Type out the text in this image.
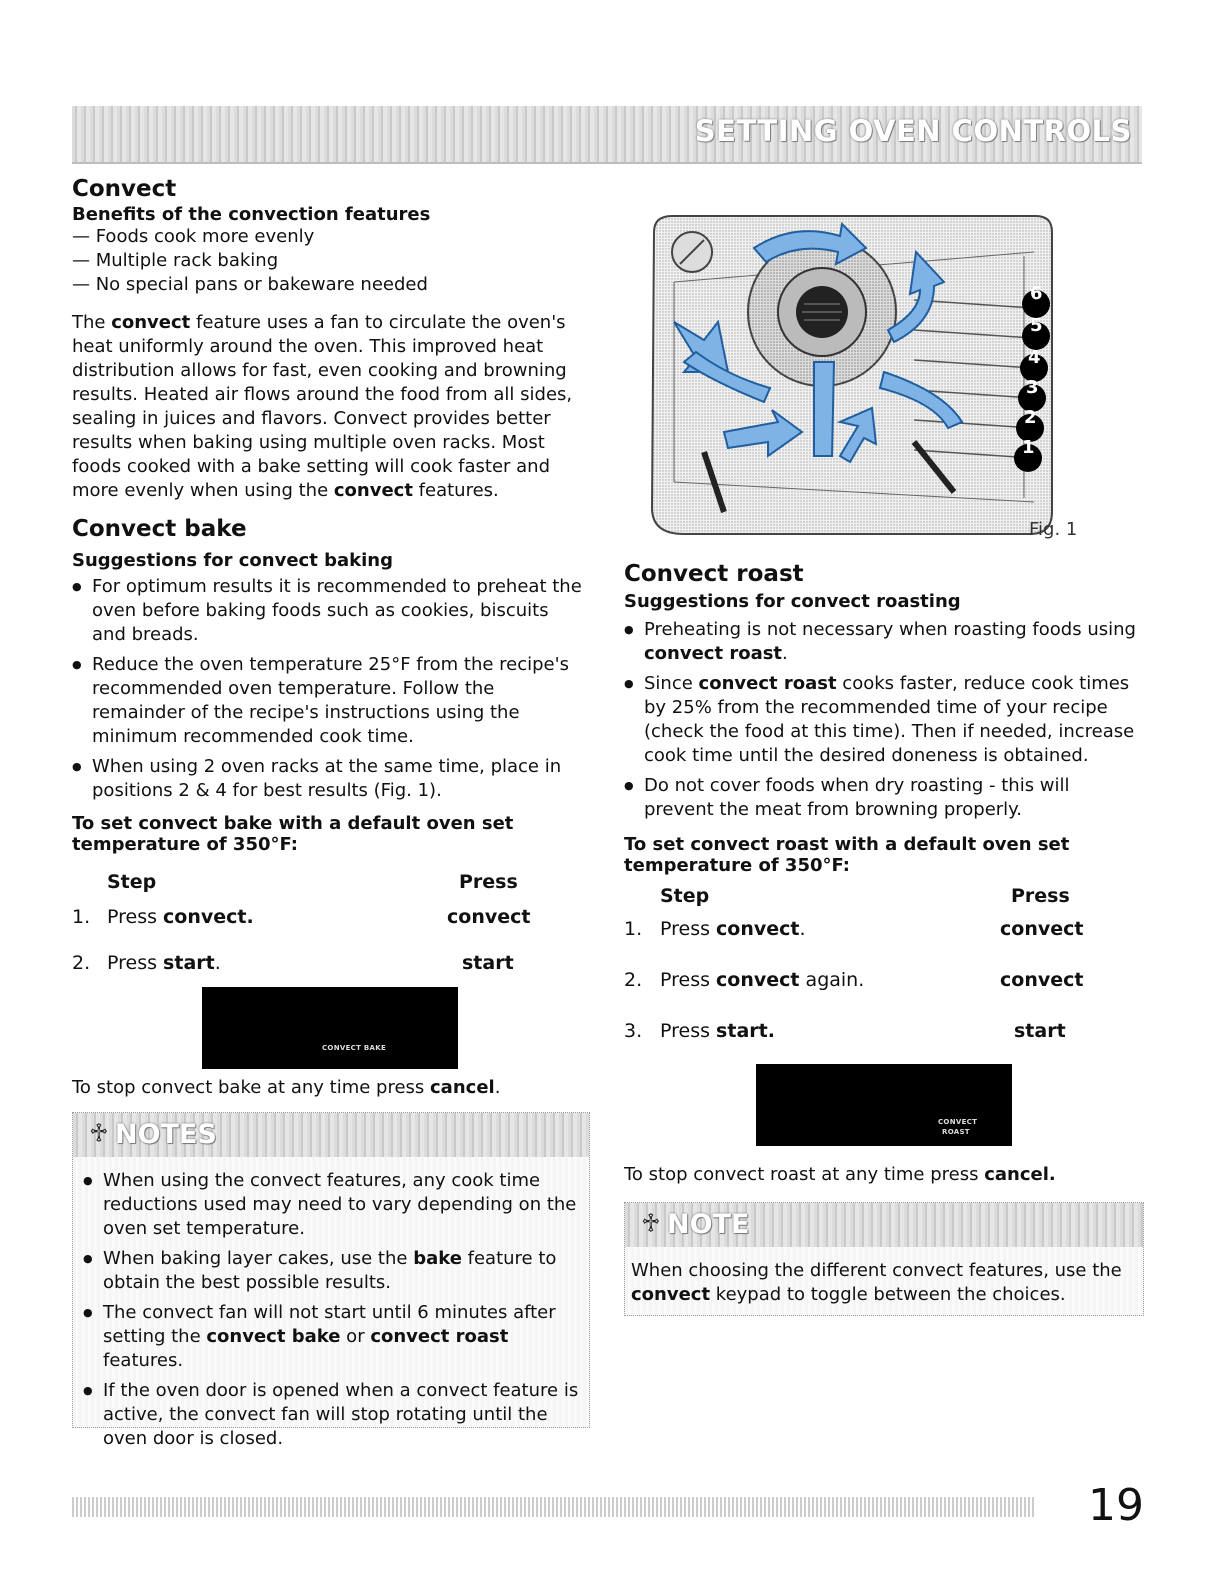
SETTING OVEN CONTROLS
Convect
Benefits of the convection features
— Foods cook more evenly
— Multiple rack baking
— No special pans or bakeware needed

The convect feature uses a fan to circulate the oven's heat uniformly around the oven. This improved heat distribution allows for fast, even cooking and browning results. Heated air flows around the food from all sides, sealing in juices and flavors. Convect provides better results when baking using multiple oven racks. Most foods cooked with a bake setting will cook faster and more evenly when using the convect features.

Convect bake
Suggestions for convect baking
● For optimum results it is recommended to preheat the oven before baking foods such as cookies, biscuits and breads.
● Reduce the oven temperature 25°F from the recipe's recommended oven temperature. Follow the remainder of the recipe's instructions using the minimum recommended cook time.
● When using 2 oven racks at the same time, place in positions 2 & 4 for best results (Fig. 1).
To set convect bake with a default oven set temperature of 350°F:
Step	Press
1. Press convect.	convect
2. Press start.	start
CONVECT BAKE
To stop convect bake at any time press cancel.
♱ NOTES
● When using the convect features, any cook time reductions used may need to vary depending on the oven set temperature.
● When baking layer cakes, use the bake feature to obtain the best possible results.
● The convect fan will not start until 6 minutes after setting the convect bake or convect roast features.
● If the oven door is opened when a convect feature is active, the convect fan will stop rotating until the oven door is closed.
6
5
4
3
2
1
Fig. 1
Convect roast
Suggestions for convect roasting
● Preheating is not necessary when roasting foods using convect roast.
● Since convect roast cooks faster, reduce cook times by 25% from the recommended time of your recipe (check the food at this time). Then if needed, increase cook time until the desired doneness is obtained.
● Do not cover foods when dry roasting - this will prevent the meat from browning properly.
To set convect roast with a default oven set temperature of 350°F:
Step	Press
1. Press convect.	convect
2. Press convect again.	convect
3. Press start.	start
CONVECT
ROAST
To stop convect roast at any time press cancel.
♱ NOTE

When choosing the different convect features, use the convect keypad to toggle between the choices.

19
